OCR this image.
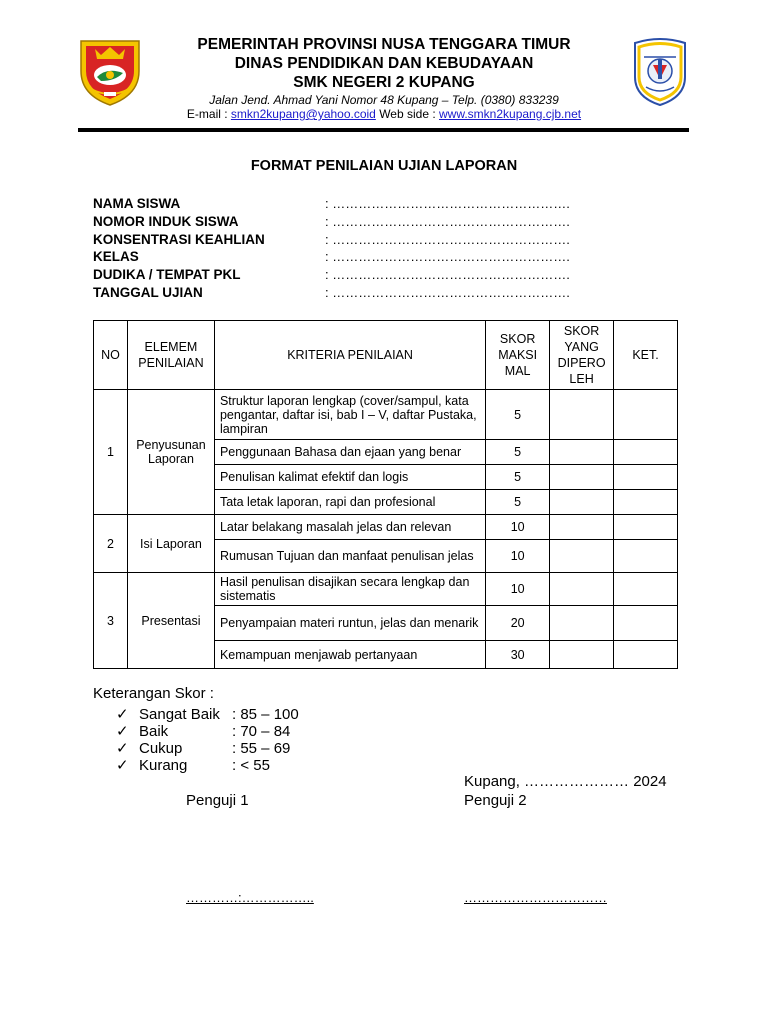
PEMERINTAH PROVINSI NUSA TENGGARA TIMUR
DINAS PENDIDIKAN DAN KEBUDAYAAN
SMK NEGERI 2 KUPANG
Jalan Jend. Ahmad Yani Nomor 48 Kupang – Telp. (0380) 833239
E-mail : smkn2kupang@yahoo.coid Web side : www.smkn2kupang.cjb.net
FORMAT PENILAIAN UJIAN LAPORAN
NAMA SISWA	: ……………………………………………….
NOMOR INDUK SISWA	: ……………………………………………….
KONSENTRASI KEAHLIAN	: ……………………………………………….
KELAS	: ……………………………………………….
DUDIKA / TEMPAT PKL	: ……………………………………………….
TANGGAL UJIAN	: ……………………………………………….
NO	ELEMEM PENILAIAN	KRITERIA PENILAIAN	SKOR MAKSI MAL	SKOR YANG DIPERO LEH	KET.
1	Penyusunan Laporan	Struktur laporan lengkap (cover/sampul, kata pengantar, daftar isi, bab I – V, daftar Pustaka, lampiran	5		
		Penggunaan Bahasa dan ejaan yang benar	5		
		Penulisan kalimat efektif dan logis	5		
		Tata letak laporan, rapi dan profesional	5		
2	Isi Laporan	Latar belakang masalah jelas dan relevan	10		
		Rumusan Tujuan dan manfaat penulisan jelas	10		
3	Presentasi	Hasil penulisan disajikan secara lengkap dan sistematis	10		
		Penyampaian materi runtun, jelas dan menarik	20		
		Kemampuan menjawab pertanyaan	30		
Keterangan Skor :
✓ Sangat Baik : 85 – 100
✓ Baik	: 70 – 84
✓ Cukup	: 55 – 69
✓ Kurang	: < 55
Kupang, ………………… 2024
Penguji 1	Penguji 2
…………:……………..	……………………………
